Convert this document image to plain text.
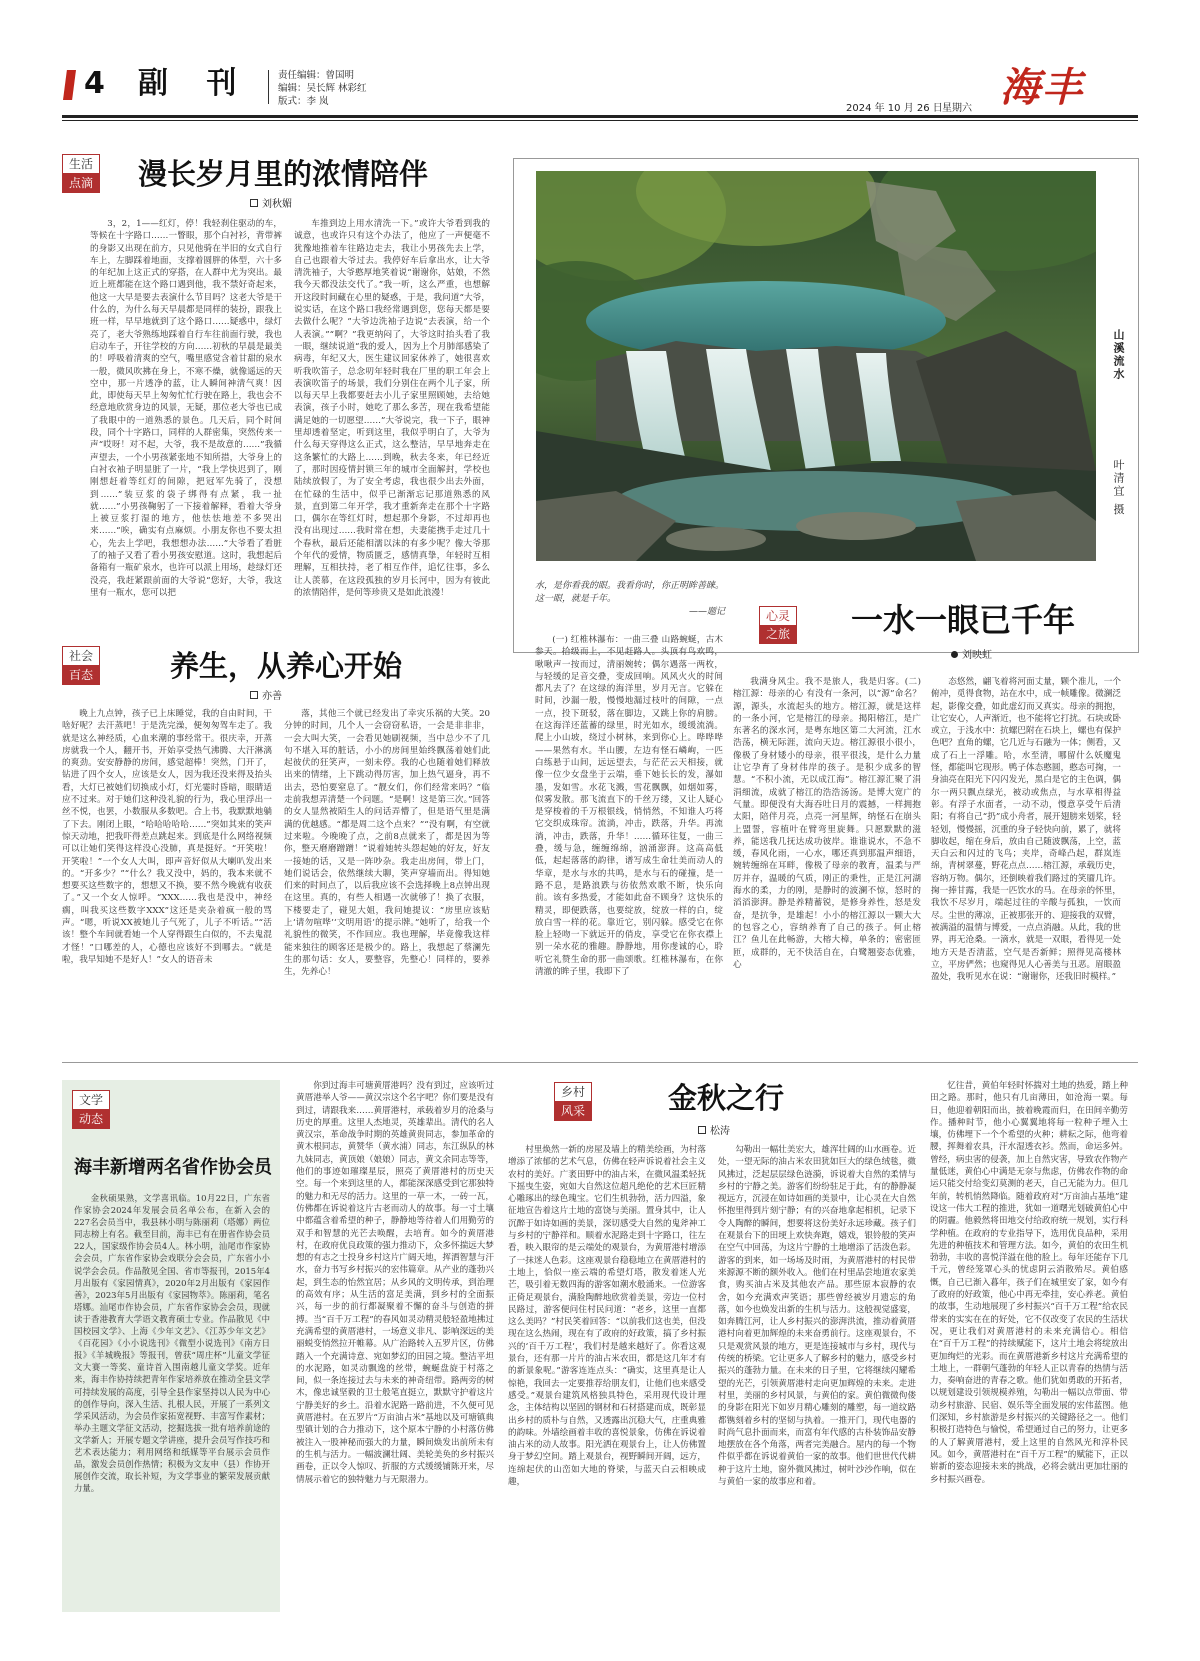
4 副 刊	责任编辑：曾国明
编辑：吴长辉 林彩红
版式：李 岚
2024 年 10 月 26 日 星期六 海丰
生活
点滴 漫长岁月里的浓情陪伴
刘秋媚

3，2，1——红灯，停！我轻刹住驱动的车，等候在十字路口……一瞥眼，那个白衬衫，背带裤的身影又出现在前方，只见他骑在半旧的女式自行车上，左脚踩着地面，支撑着圆胖的体型，六十多的年纪加上这正式的穿搭，在人群中尤为突出。最近上班都能在这个路口遇到他，我不禁好奇起来，他这一大早是要去表演什么节目吗？这老大爷是干什么的，为什么每天早晨都是同样的装扮，跟我上班一样，早早地就到了这个路口……疑惑中，绿灯亮了，老大爷熟练地踩着自行车往前面行驶，我也启动车子，开往学校的方向……初秋的早晨是最美的！呼吸着清爽的空气，嘴里感觉含着甘甜的泉水一般，微风吹拂在身上，不寒不燥，就像遥远的天空中，那一片透净的蓝，让人瞬间神清气爽！因此，即使每天早上匆匆忙忙行驶在路上，我也会不经意地欣赏身边的风景，无疑，那位老大爷也已成了我眼中的一道熟悉的景色。几天后，同个时间段，同个十字路口，同样的人群密集，突然传来一声“哎呀！对不起，大爷，我不是故意的……”我循声望去，一个小男孩紧张地不知所措，大爷身上的白衬衣袖子明显脏了一片，“我上学快迟到了，刚刚想赶着等红灯的间隙，把冠军先骑了，没想到……”装豆浆的袋子绑得有点紧，我一扯就……”小男孩鞠躬了一下接着解释，看着大爷身上被豆浆打湿的地方，他怯怯地差不多哭出来……“唉，确实有点麻烦。小朋友你也不要太担心，先去上学吧，我想想办法……”大爷看了看脏了的袖子又看了看小男孩安慰道。这时，我想起后备箱有一瓶矿泉水，也许可以派上用场，趁绿灯还没亮，我赶紧跟前面的大爷说“您好，大爷，我这里有一瓶水，您可以把

车推到边上用水清洗一下。”或许大爷看到我的诚意，也或许只有这个办法了，他应了一声便毫不犹豫地推着车往路边走去，我让小男孩先去上学，自己也跟着大爷过去。我停好车后拿出水，让大爷清洗袖子，大爷憨厚地笑着说“谢谢你，姑娘，不然我今天都没法交代了。”我一听，这么严重，也想解开这段时间藏在心里的疑惑，于是，我问道“大爷，说实话，在这个路口我经常遇到您，您每天都是要去做什么呢？”大爷边洗袖子边说“去表演，给一个人表演。”“啊？”我更纳闷了，大爷这时抬头看了我一眼，继续说道“我的爱人，因为上个月肺部感染了病毒，年纪又大，医生建议回家休养了，她很喜欢听我吹笛子，总念叨年轻时我在厂里的职工年会上表演吹笛子的场景，我们分别住在两个儿子家，所以每天早上我都要赶去小儿子家里照顾她，去给她表演，孩子小时，她吃了那么多苦，现在我希望能满足她的一切愿望……”大爷说完，我一下子，眼神里却透着坚定，听到这里，我似乎明白了，大爷为什么每天穿得这么正式，这么整洁，早早地奔走在这条繁忙的大路上……到晚，秋去冬来，年已经近了，那时因疫情封锁三年的城市全面解封，学校也陆续放假了，为了安全考虑，我也很少出去外面，在忙碌的生活中，似乎已渐渐忘记那道熟悉的风景，直到第二年开学，我才重新奔走在那个十字路口，偶尔在等红灯时，想起那个身影，不过却再也没有出现过……我时常在想，夫妻能携手走过几十个春秋，最后还能相濡以沫的有多少呢？像大爷那个年代的爱情，物质匮乏，感情真挚，年轻时互相理解，互相扶持，老了相互作伴，追忆往事，多么让人羡慕，在这段孤独的岁月长河中，因为有彼此的浓情陪伴，是何等珍贵又是如此浪漫！

山溪流水
叶清宜 摄
水，是你看我的眼。我看你时，你正明眸善睐。这一眼，就是千年。
——题记	心灵
之旅 一水一眼已千年
刘映虹

(一) 红椎林瀑布：一曲三叠 山路蜿蜒，古木参天。拾级而上，不见赶路人。头顶有鸟欢鸣，啾啾声一按而过，清丽婉转；偶尔遇落一两枚，与轻缓的足音交叠，变成回响。风风火火的时间都凡去了？在这绿的海洋里，岁月无言。它躲在时间，沙漏一般，慢慢地漏过枝叶的间隙，一点一点，投下斑驳，落在脚边，又跳上你的肩膀。在这海洋还蓝蓄的绿里，时光如水，缓缓流淌。爬上小山坡，绕过小树林，来到你心上。哗哗哗——果然有水。半山腰，左边有怪石嶙峋，一匹白练悬于山间，远远望去，与茫茫云天相接，就像一位少女盘坐于云端，垂下她长长的发，瀑如墨，发如雪。水花飞溅，雪花飘飘，如烟如雾，似雾发散。那飞流直下的千丝万缕，又让人疑心是穿梭着的千万根银线，悄悄然，不知谁人巧将它交织成珠帘。流淌，冲击，跌落，升华。再流淌，冲击，跌落，升华！……循环往复，一曲三叠，缓与急，缠缠绵绵，汹涌澎湃。这高高低低，起起落落的韵律，谱写成生命壮美而动人的华章，是水与水的共鸣，是水与石的碰撞，是一路不息，是路浪跌与彷依然欢歌不断，快乐向前。该有多热爱，才能如此奋不顾身？这快乐的精灵，即便跌落，也要绽放，绽放一样的白，绽放白雪一样的花。靠近它，别闪躲。感受它在你脸上轻吻一下就远开的俏皮，享受它在你衣襟上别一朵水花的雅趣。静静地，用你虔诚的心，聆听它礼赞生命的那一曲颂歌。红椎林瀑布，在你清澈的眸子里，我即下了

我满身风尘。我不是旅人，我是归客。(二) 榕江源：母亲的心 有没有一条河，以“源”命名？源，源头，水流起头的地方。榕江源，就是这样的一条小河，它是榕江的母亲。揭阳榕江，是广东著名的深水河，是粤东地区第二大河流，江水浩荡，横无际涯，流向天边。榕江源很小很小，像极了身材矮小的母亲，很平很浅，是什么力量让它孕育了身材伟岸的孩子。是积少成多的智慧。“不积小流，无以成江海”。榕江源汇聚了涓涓细流，成就了榕江的浩浩汤汤。是博大宽广的气量。即便没有大海吞吐日月的震撼，一样拥抱太阳，陪伴月亮，点亮一河星辉，纳怪石在崩头上盟誓，容植叶在臂弯里旋舞。只愿默默的滋养，能送我几抚达成功彼岸。谁谁说水，不急不缓，春风化雨，一心水，哪还真到那温声细语，婉转缠绵在耳畔，像极了母亲的教育，温柔与严厉并存，温暖的气质，刚正的秉性，正是江河湖海水的柔，力的刚，是静时的波澜不惊，怒时的滔滔澎湃。静是养精蓄锐，是修身养性，怒是发奋，是抗争，是雄起！小小的榕江源以一颗大大的包容之心，容纳养育了自己的孩子。何止榕江？鱼儿在此畅游，大榕大樟，单条的；密密匝匝，成群的，无不快活自在，白鹭翘姿态优雅，心

态悠然，翩飞着将河面丈量，颗个准儿，一个俯冲，觅得食物，站在水中，成一帧雕像。微澜泛起，影像交叠，如此虚幻而又真实。母亲的拥抱，让它安心，人声渐近，也不能将它打扰。石块或卧或立，于浅水中：抗螺巴附在石块上，螺也有保护色吧？直角的螺，它几近与石融为一体；侧看，又成了石上一浮雕。哈，水至清，哪留什么妖魔鬼怪，都能叫它现形。鸭子体态憨圆，憨态可掬，一身油亮在阳光下闪闪发光，黑白是它的主色调，偶尔一两只飘点绿光，被动或焦点，与水草相得益彰。有浮子水面者，一动不动，慢意享受午后清阳；有将自己“扔”成小舟者，展开翅膀来划桨，轻轻划，慢慢摇，沉重的身子轻快向前，累了，就将脚收起，缩在身后，放由自己随波飘荡，上空，蓝天白云和闪过的飞鸟；夹岸，奇峰凸起，群岚连绵，青树翠蔓，野花点点……榕江源，承载历史，容纳万物。偶尔，还倒映着我们路过的笑靥几许。掬一捧甘露，我是一匹饮水的马。在母亲的怀里，我饮不尽岁月，端起过往的辛酸与孤独，一饮而尽。尘世的薄凉，正被那张开的、迎接我的双臂，被满溢的温情与博爱，一点点消融。从此，我的世界，再无沧桑。一滴水，就是一双眼，看得见一处地方天是否清蓝，空气是否新鲜；照得见高楼林立，平房俨然；也窥得见人心善美与丑恶。眉眼盈盈处，我听见水在说：“谢谢你，还我旧时模样。”

社会
百态	养生，从养心开始
亦善

晚上九点钟，孩子已上床睡觉，我的自由时间，干啥好呢？去汗蒸吧！于是洗完澡，便匆匆驾车走了。我就是这么神经质，心血来潮的事经常干。很庆幸，开蒸房就我一个人，翻开书，开始享受热气沸腾、大汗淋漓的爽劲。安安静静的房间，感觉超棒！突然，门开了，钻进了四个女人，应该是女人，因为我还没来得及抬头看，大灯已被她们切换成小灯，灯光霎时昏暗，眼睛适应不过来。对于她们这种没礼貌的行为，我心里浮出一丝不悦，也罢，小数服从多数吧。合上书，我默默地躺了下去。刚闭上眼，“哈哈哈哈哈……”突如其来的笑声惊天动地，把我吓得差点跳起来。到底是什么网络视频可以让她们笑得这样没心没肺，真是挺好。“开笑啦！开笑啦！”一个女人大叫，即声音好似从大喇叭发出来的。“开多少？”“什么？我又没中，妈的，我本来就不想要买这些数字的，想想又不换，要不然今晚就有收获了。”又一个女人惊呼。“XXX……我也是没中，神经瘸，叫我买这些数字XXX”这还是夹杂着疯一般的骂声。“嗯，听说XX被她儿子气死了，儿子不听话。”“活该！整个车间就看她一个人穿得跟生白似的，不去鬼混才怪！”口哪差的人，心德也应该好不到哪去。“就是啦，我早知她不是好人！”女人的语音未

落，其他三个就已经发出了幸灾乐祸的大笑。20分钟的时间，几个人一会窃窃私语，一会是非非非，一会大叫大笑，一会看见她刷视频，当中总少不了几句不堪入耳的脏话，小小的房间里始终飘荡着她们此起彼伏的狂笑声，一刻未停。我的心也随着她们释放出来的情绪，上下跳动得厉害，加上热气逼身，再不出去，恐怕要窒息了。“靓女们，你们经常来吗？”临走前我想弄清楚一个问题。“是啊！这是第三次。”回答的女人显然被陌生人的问话弄懵了，但是语气里是满满的优越感。“都是周二这个点来？”“没有啊，有空就过来啦。今晚晚了点，之前8点就来了，都是因为等你，整天磨磨蹭蹭！”说着她转头怨起她的好友，好友一接她的话，又是一阵吵杂。我走出房间，带上门，她们说话会，依然继续大聊，笑声穿墙而出。得知她们来的时间点了，以后我应该不会选择晚上8点钟出现在这里。真的，有些人相遇一次就够了！换了衣服，下楼要走了，碰见大姐，我问她提议：“房里应该贴上‘请勿喧哗’‘文明用语’的提示牌。”她听了，给我一个礼貌性的微笑，不作回应。我也理解，毕竟像我这样能来独往的顾客还是极少的。路上，我想起了蔡澜先生的那句话：女人，要整容，先整心！同样的，要养生，先养心！

文学
动态
海丰新增两名省作协会员

金秋硕果熟，文学喜讯临。10月22日，广东省作家协会2024年发展会员名单公布，在新入会的227名会员当中，我县林小明与陈丽莉（塔娜）两位同志榜上有名。截至目前，海丰已有在册省作协会员22人，国家级作协会员4人。林小明，汕尾市作家协会会员，广东省作家协会戏联分会会员，广东省小小说学会会员。作品散见全国、省市等报刊，2015年4月出版有《家园情真》，2020年2月出版有《家园作善》，2023年5月出版有《家园物萃》。陈丽莉，笔名塔娜。汕尾市作协会员，广东省作家协会会员，现就读于香港教育大学语文教育硕士专业。作品散见《中国校园文学》、上海《少年文艺》、《江苏少年文艺》《百花园》《小小说选刊》《微型小说选刊》《南方日报》《羊城晚报》等报刊，曾获“周庄杯”儿童文学征文大赛一等奖、童诗首入围南越儿童文学奖。近年来，海丰作协持续把青年作家培养放在推动全县文学可持续发展的高度，引导全县作家坚持以人民为中心的创作导向，深入生活、扎根人民，开展了一系列文学采风活动，为会员作家拓宽视野、丰富写作素材；举办主题文学征文活动，挖掘选拔一批有培养前途的文学新人；开展专题文学讲座，提升会员写作技巧和艺术表达能力；利用网络和纸媒等平台展示会员作品，激发会员创作热情；积极为文友申（县）作协开展创作交流，取长补短，为文学事业的繁荣发展贡献力量。

你到过海丰可塘黄厝港吗？没有到过，应该听过黄厝港举人爷——黄汉宗这个名字吧？你们要是没有到过，请跟我来……黄厝港村，承载着岁月的沧桑与历史的厚重。这里人杰地灵，英雄辈出。清代的名人黄汉宗，革命战争时期的英雄黄贵同志，参加革命的黄木根同志，黄赞华（黄水浦）同志，东江纵队的林九妹同志，黄顶娘（娘娘）同志，黄文余同志等等，他们的事迹如璀璨星辰，照亮了黄厝港村的历史天空。每一个来到这里的人，都能深深感受到它那独特的魅力和无尽的活力。这里的一草一木，一砖一瓦，仿佛都在诉说着这片古老而动人的故事。每一寸土壤中都蕴含着希望的种子，静静地等待着人们用勤劳的双手和智慧的光芒去唤醒，去培育。如今的黄厝港村，在政府优良政策的强力推动下，众多怀揣远大梦想的有志之士投身乡村这片广阔天地，挥洒智慧与汗水，奋力书写乡村振兴的宏伟篇章。从产业的蓬勃兴起，到生态的怡然宜居；从乡风的文明传承，到治理的高效有序；从生活的富足美满，到乡村的全面振兴，每一步的前行都凝聚着不懈的奋斗与创造的拼搏。当“百千万工程”的春风如灵动精灵般轻盈地拂过充满希望的黄厝港村，一场意义非凡、影响深远的美丽蜕变悄然拉开帷幕。从广治路转入五罗片区，仿佛踏入一个充满诗意、宛如梦幻的田园之境。整洁平坦的水泥路，如灵动飘逸的丝带，蜿蜒盘旋于村落之间，似一条连接过去与未来的神奇纽带。路两旁的树木，像忠诚坚毅的卫士般笔直挺立，默默守护着这片宁静美好的乡土。沿着水泥路一路前进，不久便可见黄厝港村。在五罗片“万亩油占米”基地以及可塘镇典型镇计划的合力推动下，这个原本宁静的小村落仿佛被注入一股神秘而强大的力量，瞬间焕发出前所未有的生机与活力。一幅波澜壮阔、美轮美奂的乡村振兴画卷，正以令人惊叹、折服的方式缓缓铺陈开来，尽情展示着它的独特魅力与无限潜力。

乡村
风采	金秋之行
松涛

村里焕然一新的房屋及墙上的精美绘画，为村落增添了浓郁的艺术气息，仿佛在轻声诉说着社会主义农村的美好。广袤田野中的油占米，在微风温柔轻抚下摇曳生姿，宛如大自然这位超凡绝伦的艺术巨匠精心雕琢出的绿色瑰宝。它们生机勃勃，活力四溢，象征地宣告着这片土地的富饶与美丽。置身其中，让人沉醉于如诗如画的美景，深切感受大自然的鬼斧神工与乡村的宁静祥和。顺着水泥路走到十字路口，往左看，映入眼帘的是云端处的观景台，为黄厝港村增添了一抹迷人色彩。这座观景台稳稳地立在黄厝港村的土地上，恰似一座云端的希望灯塔，散发着迷人光芒，吸引着无数四海的游客如潮水般涌来。一位游客正倚足观景台，满脸陶醉地欣赏着美景，旁边一位村民路过，游客便问住村民问道：“老乡，这里一直都这么美吗？”村民笑着回答：“以前我们这也美，但没现在这么热闹，现在有了政府的好政策，搞了乡村振兴的‘百千万工程’，我们村是越来越好了。你看这观景台，还有那一片片的油占米农田，都是这几年才有的新景象呢。”游客连连点头：“确实，这里真是让人惊艳，我回去一定要推荐给朋友们，让他们也来感受感受。”观景台建筑风格独具特色，采用现代设计理念，主体结构以坚固的钢材和石材搭建而成，既彰显出乡村的质朴与自然，又透露出沉稳大气，庄重典雅的韵味。外墙绘画着丰收的喜悦景象，仿佛在诉说着油占米的动人故事。阳光洒在观景台上，让人仿佛置身于梦幻空间。踏上观景台，视野瞬间开阔，远方，连绵起伏的山峦如大地的脊梁，与蓝天白云相映成趣，

勾勒出一幅壮美宏大，雄浑壮阔的山水画卷。近处，一望无际的油占米农田犹如巨大的绿色绒毯，微风拂过，泛起层层绿色涟漪，诉说着大自然的柔情与乡村的宁静之美。游客们纷纷驻足于此，有的静静凝视远方，沉浸在如诗如画的美景中，让心灵在大自然怀抱里得到片刻宁静；有的兴奋地拿起相机，记录下令人陶醉的瞬间，想要将这份美好永远珍藏。孩子们在观景台下的田埂上欢快奔跑，嬉戏，银铃般的笑声在空气中回荡，为这片宁静的土地增添了活泼色彩。游客的到来，如一场场及时雨，为黄厝港村的村民带来源源不断的额外收入。他们在村里品尝地道农家美食，购买油占米及其他农产品。那些原本寂静的农舍，如今充满欢声笑语；那些曾经被岁月遗忘的角落，如今也焕发出新的生机与活力。这般视觉盛宴，如奔腾江河，让人乡村振兴的澎湃洪流，推动着黄厝港村向着更加辉煌的未来奋勇前行。这座观景台，不只是观赏风景的地方，更是连接城市与乡村，现代与传统的桥梁。它让更多人了解乡村的魅力，感受乡村振兴的蓬勃力量。在未来的日子里，它将继续闪耀希望的光芒，引领黄厝港村走向更加辉煌的未来。走进村里，美丽的乡村风景，与黄伯的家。黄伯微微佝偻的身影在阳光下如岁月精心雕刻的雕塑，每一道纹路都镌刻着乡村的坚韧与执着。一推开门，现代电器的时尚气息扑面而来，而富有年代感的古朴装饰品安静地摆放在各个角落，两者完美融合。屋内的每一个物件似乎都在诉说着黄伯一家的故事。他们世世代代耕种于这片土地，窗外微风拂过，树叶沙沙作响，似在与黄伯一家的故事应和着。

忆往昔，黄伯年轻时怀揣对土地的热爱，踏上种田之路。那时，他只有几亩薄田，如沧海一粟。每日，他迎着朝阳而出，披着晚霞而归，在田间辛勤劳作。播种时节，他小心翼翼地将每一粒种子埋入土壤，仿佛埋下一个个希望的火种；耕耘之际，他弯着腰，挥舞着农具，汗水湿透衣衫。然而，命运多舛。曾经，病虫害的侵袭，加上自然灾害，导致农作物产量低迷，黄伯心中满是无奈与焦虑，仿佛农作物的命运只能交付给变幻莫测的老天，自己无能为力。但几年前，转机悄然降临。随着政府对“万亩油占基地”建设这一伟大工程的推进，犹如一道曙光划破黄伯心中的阴霾。他毅然将田地交付给政府统一规划，实行科学种植。在政府的专业指导下，选用优良品种，采用先进的种植技术和管理方法。如今，黄伯的农田生机勃勃，丰收的喜悦洋溢在他的脸上。每年还能存下几千元，曾经笼罩心头的忧虑阴云消散殆尽。黄伯感慨，自己已渐入暮年，孩子们在城里安了家，如今有了政府的好政策，他心中再无牵挂，安心养老。黄伯的故事，生动地展现了乡村振兴“百千万工程”给农民带来的实实在在的好处，它不仅改变了农民的生活状况，更让我们对黄厝港村的未来充满信心。相信在“百千万工程”的持续赋能下，这片土地会将绽放出更加绚烂的光彩。而在黄厝港新乡村这片充满希望的土地上，一群朝气蓬勃的年轻人正以青春的热情与活力，奏响奋进的青春之歌。他们犹如勇敢的开拓者，以规划建设引领规模养殖，勾勒出一幅以点带面、带动乡村旅游、民宿、娱乐等全面发展的宏伟蓝图。他们深知，乡村旅游是乡村振兴的关键路径之一。他们积极打造特色与愉悦，希望通过自己的努力，让更多的人了解黄厝港村，爱上这里的自然风光和淳朴民风。如今，黄厝港村在“百千万工程”的赋能下，正以崭新的姿态迎接未来的挑战，必将会就出更加壮丽的乡村振兴画卷。
